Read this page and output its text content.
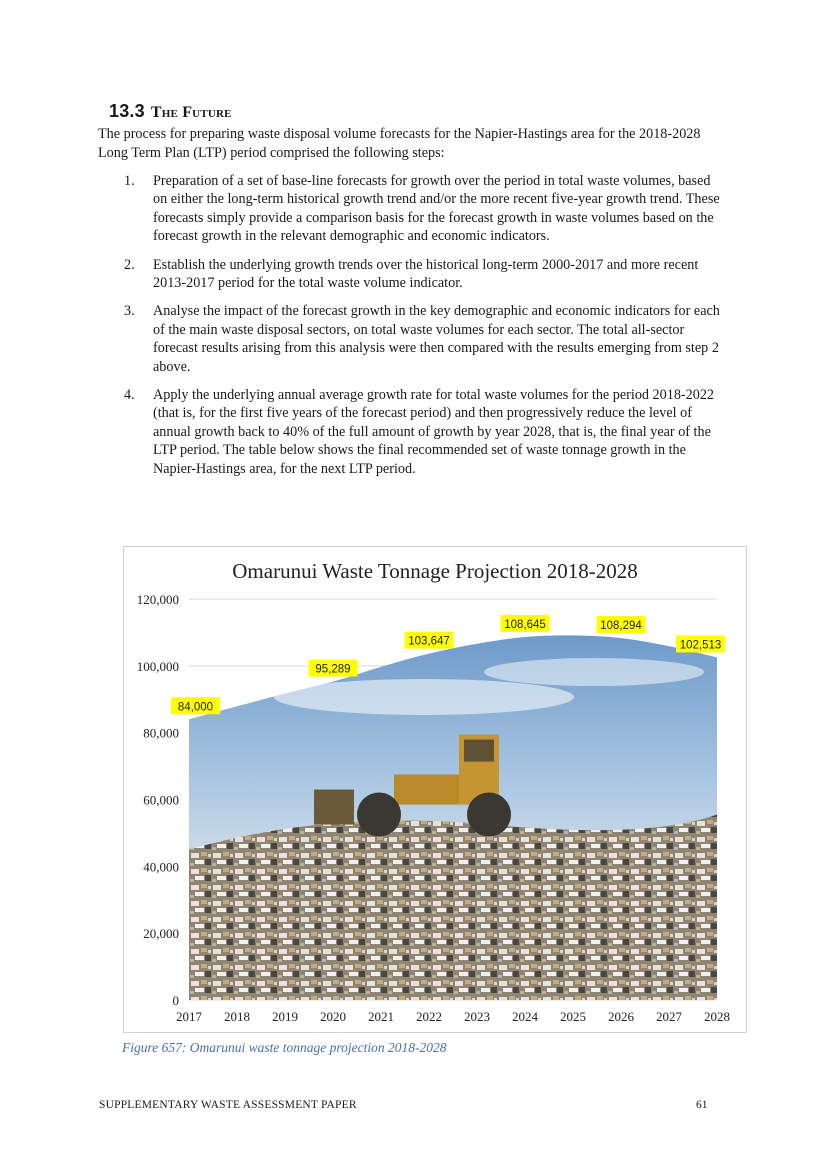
13.3 The Future

The process for preparing waste disposal volume forecasts for the Napier-Hastings area for the 2018-2028 Long Term Plan (LTP) period comprised the following steps:

1. Preparation of a set of base-line forecasts for growth over the period in total waste volumes, based on either the long-term historical growth trend and/or the more recent five-year growth trend. These forecasts simply provide a comparison basis for the forecast growth in waste volumes based on the forecast growth in the relevant demographic and economic indicators.
2. Establish the underlying growth trends over the historical long-term 2000-2017 and more recent 2013-2017 period for the total waste volume indicator.
3. Analyse the impact of the forecast growth in the key demographic and economic indicators for each of the main waste disposal sectors, on total waste volumes for each sector. The total all-sector forecast results arising from this analysis were then compared with the results emerging from step 2 above.
4. Apply the underlying annual average growth rate for total waste volumes for the period 2018-2022 (that is, for the first five years of the forecast period) and then progressively reduce the level of annual growth back to 40% of the full amount of growth by year 2028, that is, the final year of the LTP period. The table below shows the final recommended set of waste tonnage growth in the Napier-Hastings area, for the next LTP period.
Omarunui Waste Tonnage Projection 2018-2028
0
20,000
40,000
60,000
80,000
100,000
120,000
2017 2018 2019 2020 2021 2022 2023 2024 2025 2026 2027 2028
84,000
95,289
103,647
108,645	108,294
102,513

Figure 657: Omarunui waste tonnage projection 2018-2028

SUPPLEMENTARY WASTE ASSESSMENT PAPER	61
